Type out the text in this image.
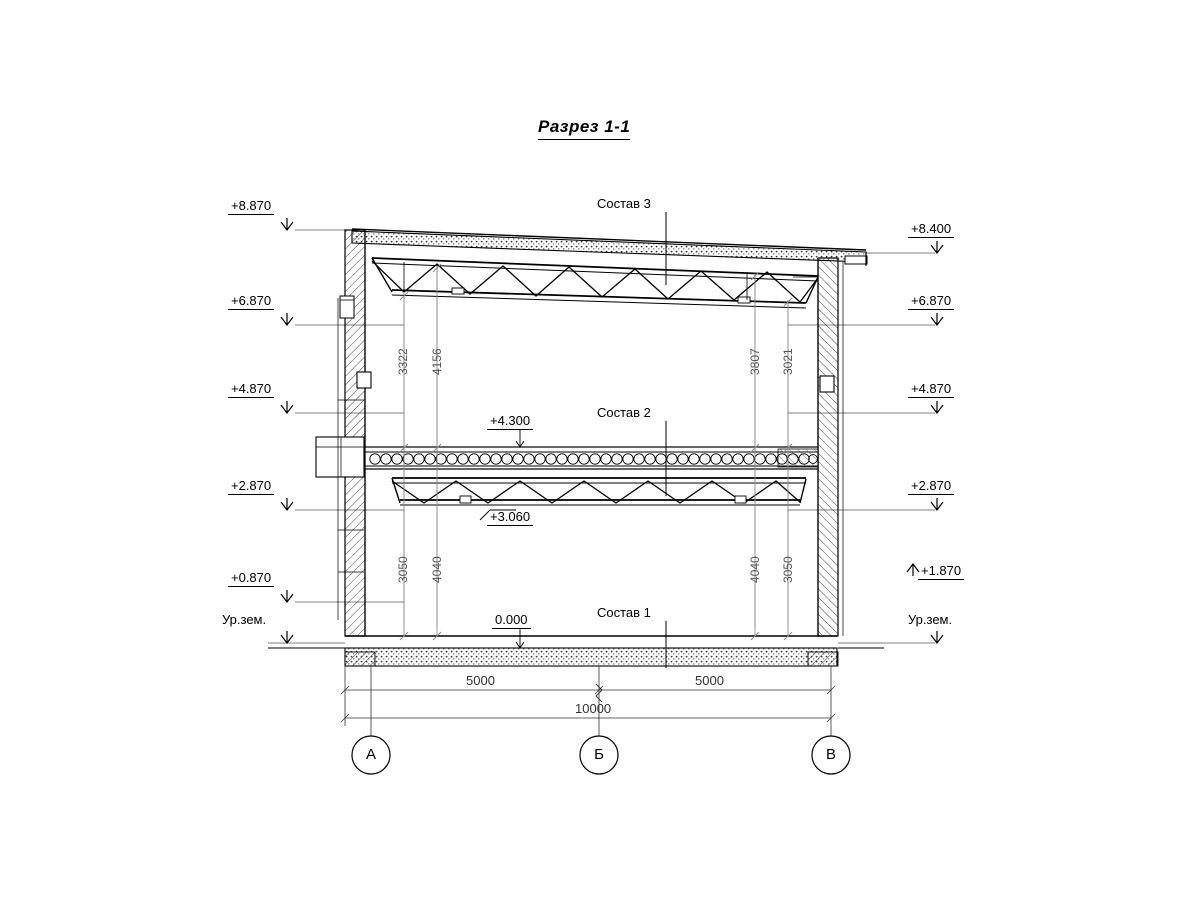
Разрез 1-1
+8.870
+6.870
+4.870
+2.870
+0.870
Ур.зем.
+8.400
+6.870
+4.870
+2.870
+1.870
Ур.зем.
+4.300
+3.060
0.000
Состав 3
Состав 2
Состав 1
3322 4156	3807 3021
3050 4040	4040 3050
5000	5000
10000
А	Б	В
